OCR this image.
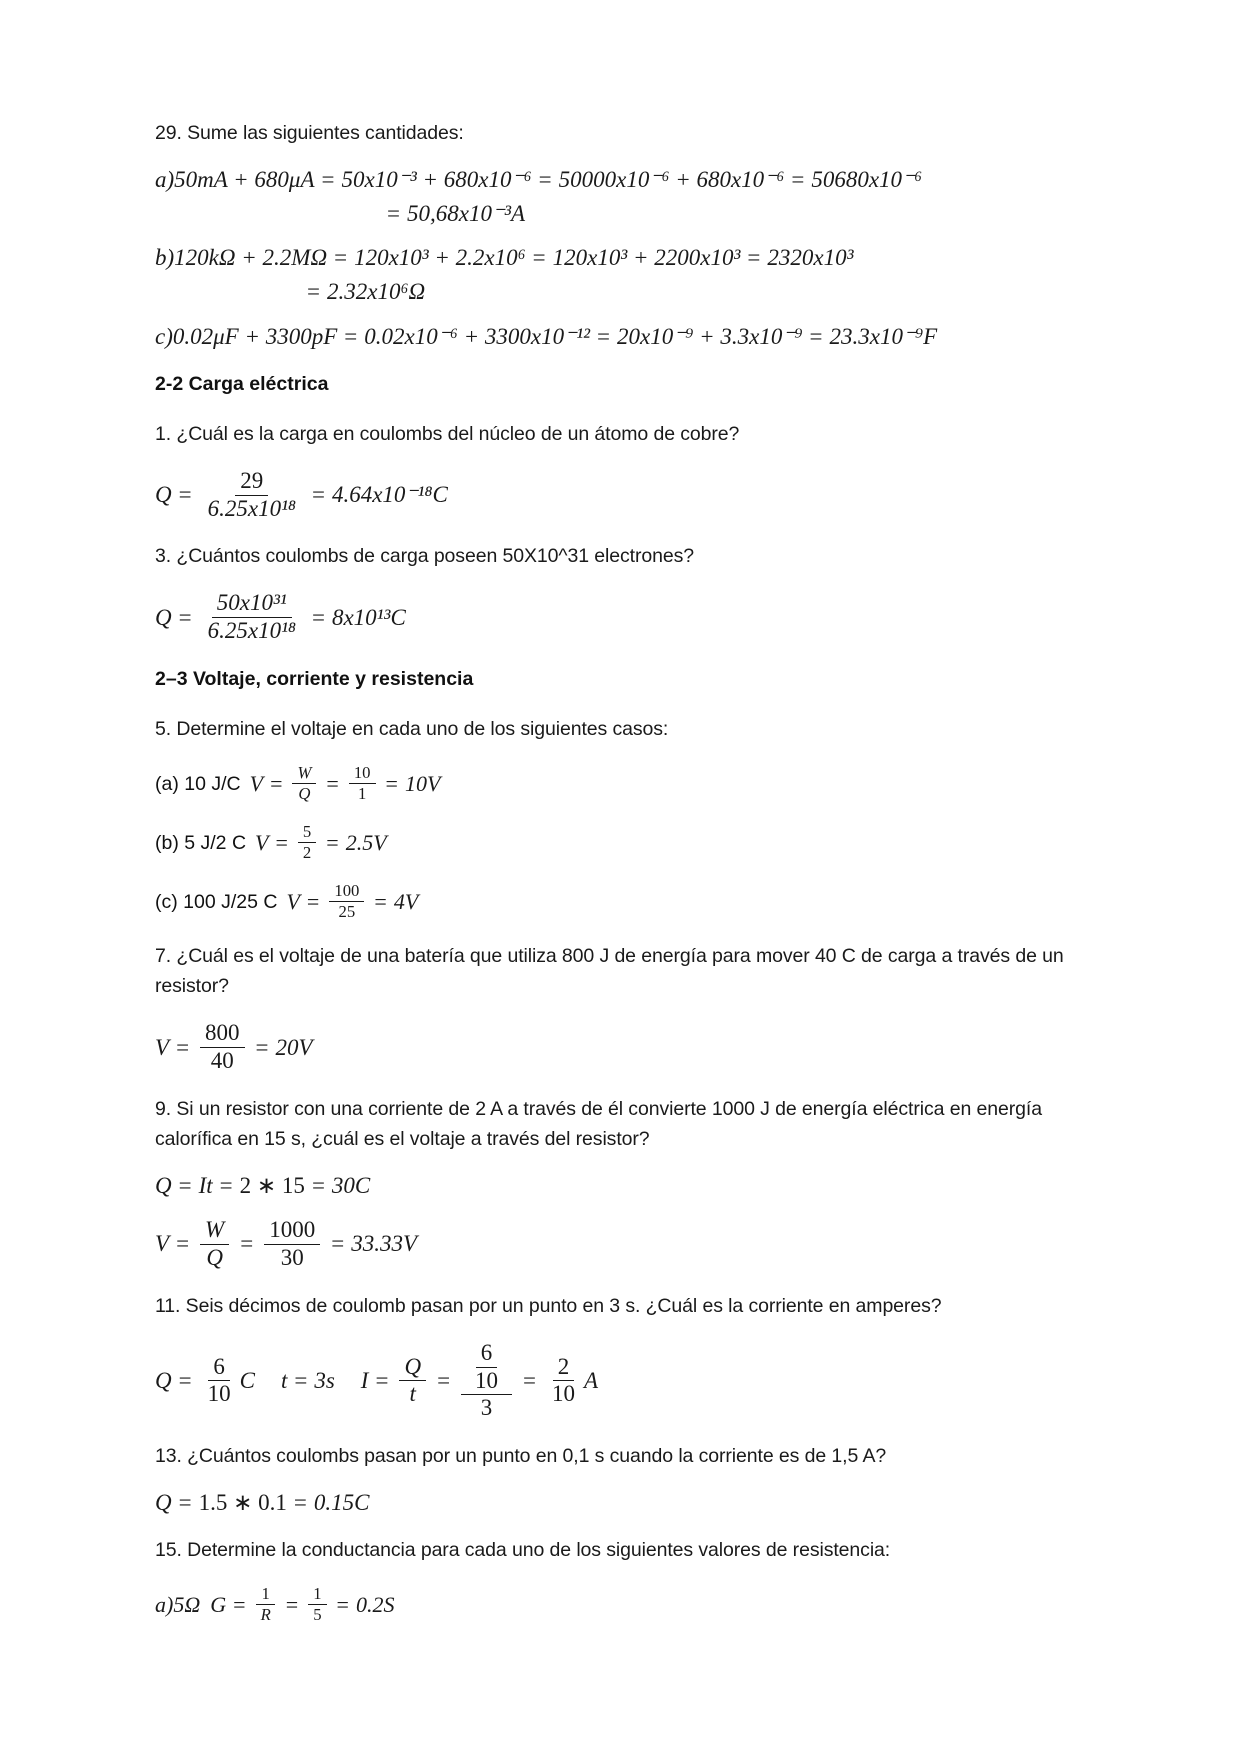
29. Sume las siguientes cantidades:

a) 50mA + 680μA = 50x10⁻³ + 680x10⁻⁶ = 50000x10⁻⁶ + 680x10⁻⁶ = 50680x10⁻⁶
= 50,68x10⁻³A
b) 120kΩ + 2.2MΩ = 120x10³ + 2.2x10⁶ = 120x10³ + 2200x10³ = 2320x10³
= 2.32x10⁶Ω
c) 0.02μF + 3300pF = 0.02x10⁻⁶ + 3300x10⁻¹² = 20x10⁻⁹ + 3.3x10⁻⁹ = 23.3x10⁻⁹F

2-2 Carga eléctrica

1. ¿Cuál es la carga en coulombs del núcleo de un átomo de cobre?

$Q = \frac{29}{\text{6.25x10¹⁸}} = 4.64x10^{-18}C$

3. ¿Cuántos coulombs de carga poseen 50X10^31 electrones?

$Q = \frac{\text{50x10³¹}}{\text{6.25x10¹⁸}} = 8x10^{13}C$

2–3 Voltaje, corriente y resistencia

5. Determine el voltaje en cada uno de los siguientes casos:

(a) 10 J/C $V = \frac{W}{Q} = \frac{10}{1} = 10V$
(b) 5 J/2 C $V = \frac{5}{2} = 2.5V$
(c) 100 J/25 C $V = \frac{100}{25} = 4V$

7. ¿Cuál es el voltaje de una batería que utiliza 800 J de energía para mover 40 C de carga a través de un resistor?

$V = \frac{800}{40} = 20V$

9. Si un resistor con una corriente de 2 A a través de él convierte 1000 J de energía eléctrica en energía calorífica en 15 s, ¿cuál es el voltaje a través del resistor?

Q = It = 2 ∗ 15 = 30C
$V = \frac{W}{Q} = \frac{1000}{30} = 33.33V$

11. Seis décimos de coulomb pasan por un punto en 3 s. ¿Cuál es la corriente en amperes?

$Q = \frac{6}{10}$ C t = 3s $I = \frac{Q}{t} = \frac{\frac{6}{10}}{3} = \frac{2}{10}$ A

13. ¿Cuántos coulombs pasan por un punto en 0,1 s cuando la corriente es de 1,5 A?

Q = 1.5 ∗ 0.1 = 0.15C

15. Determine la conductancia para cada uno de los siguientes valores de resistencia:

a) 5Ω $G = \frac{1}{R} = \frac{1}{5} = 0.2S$
